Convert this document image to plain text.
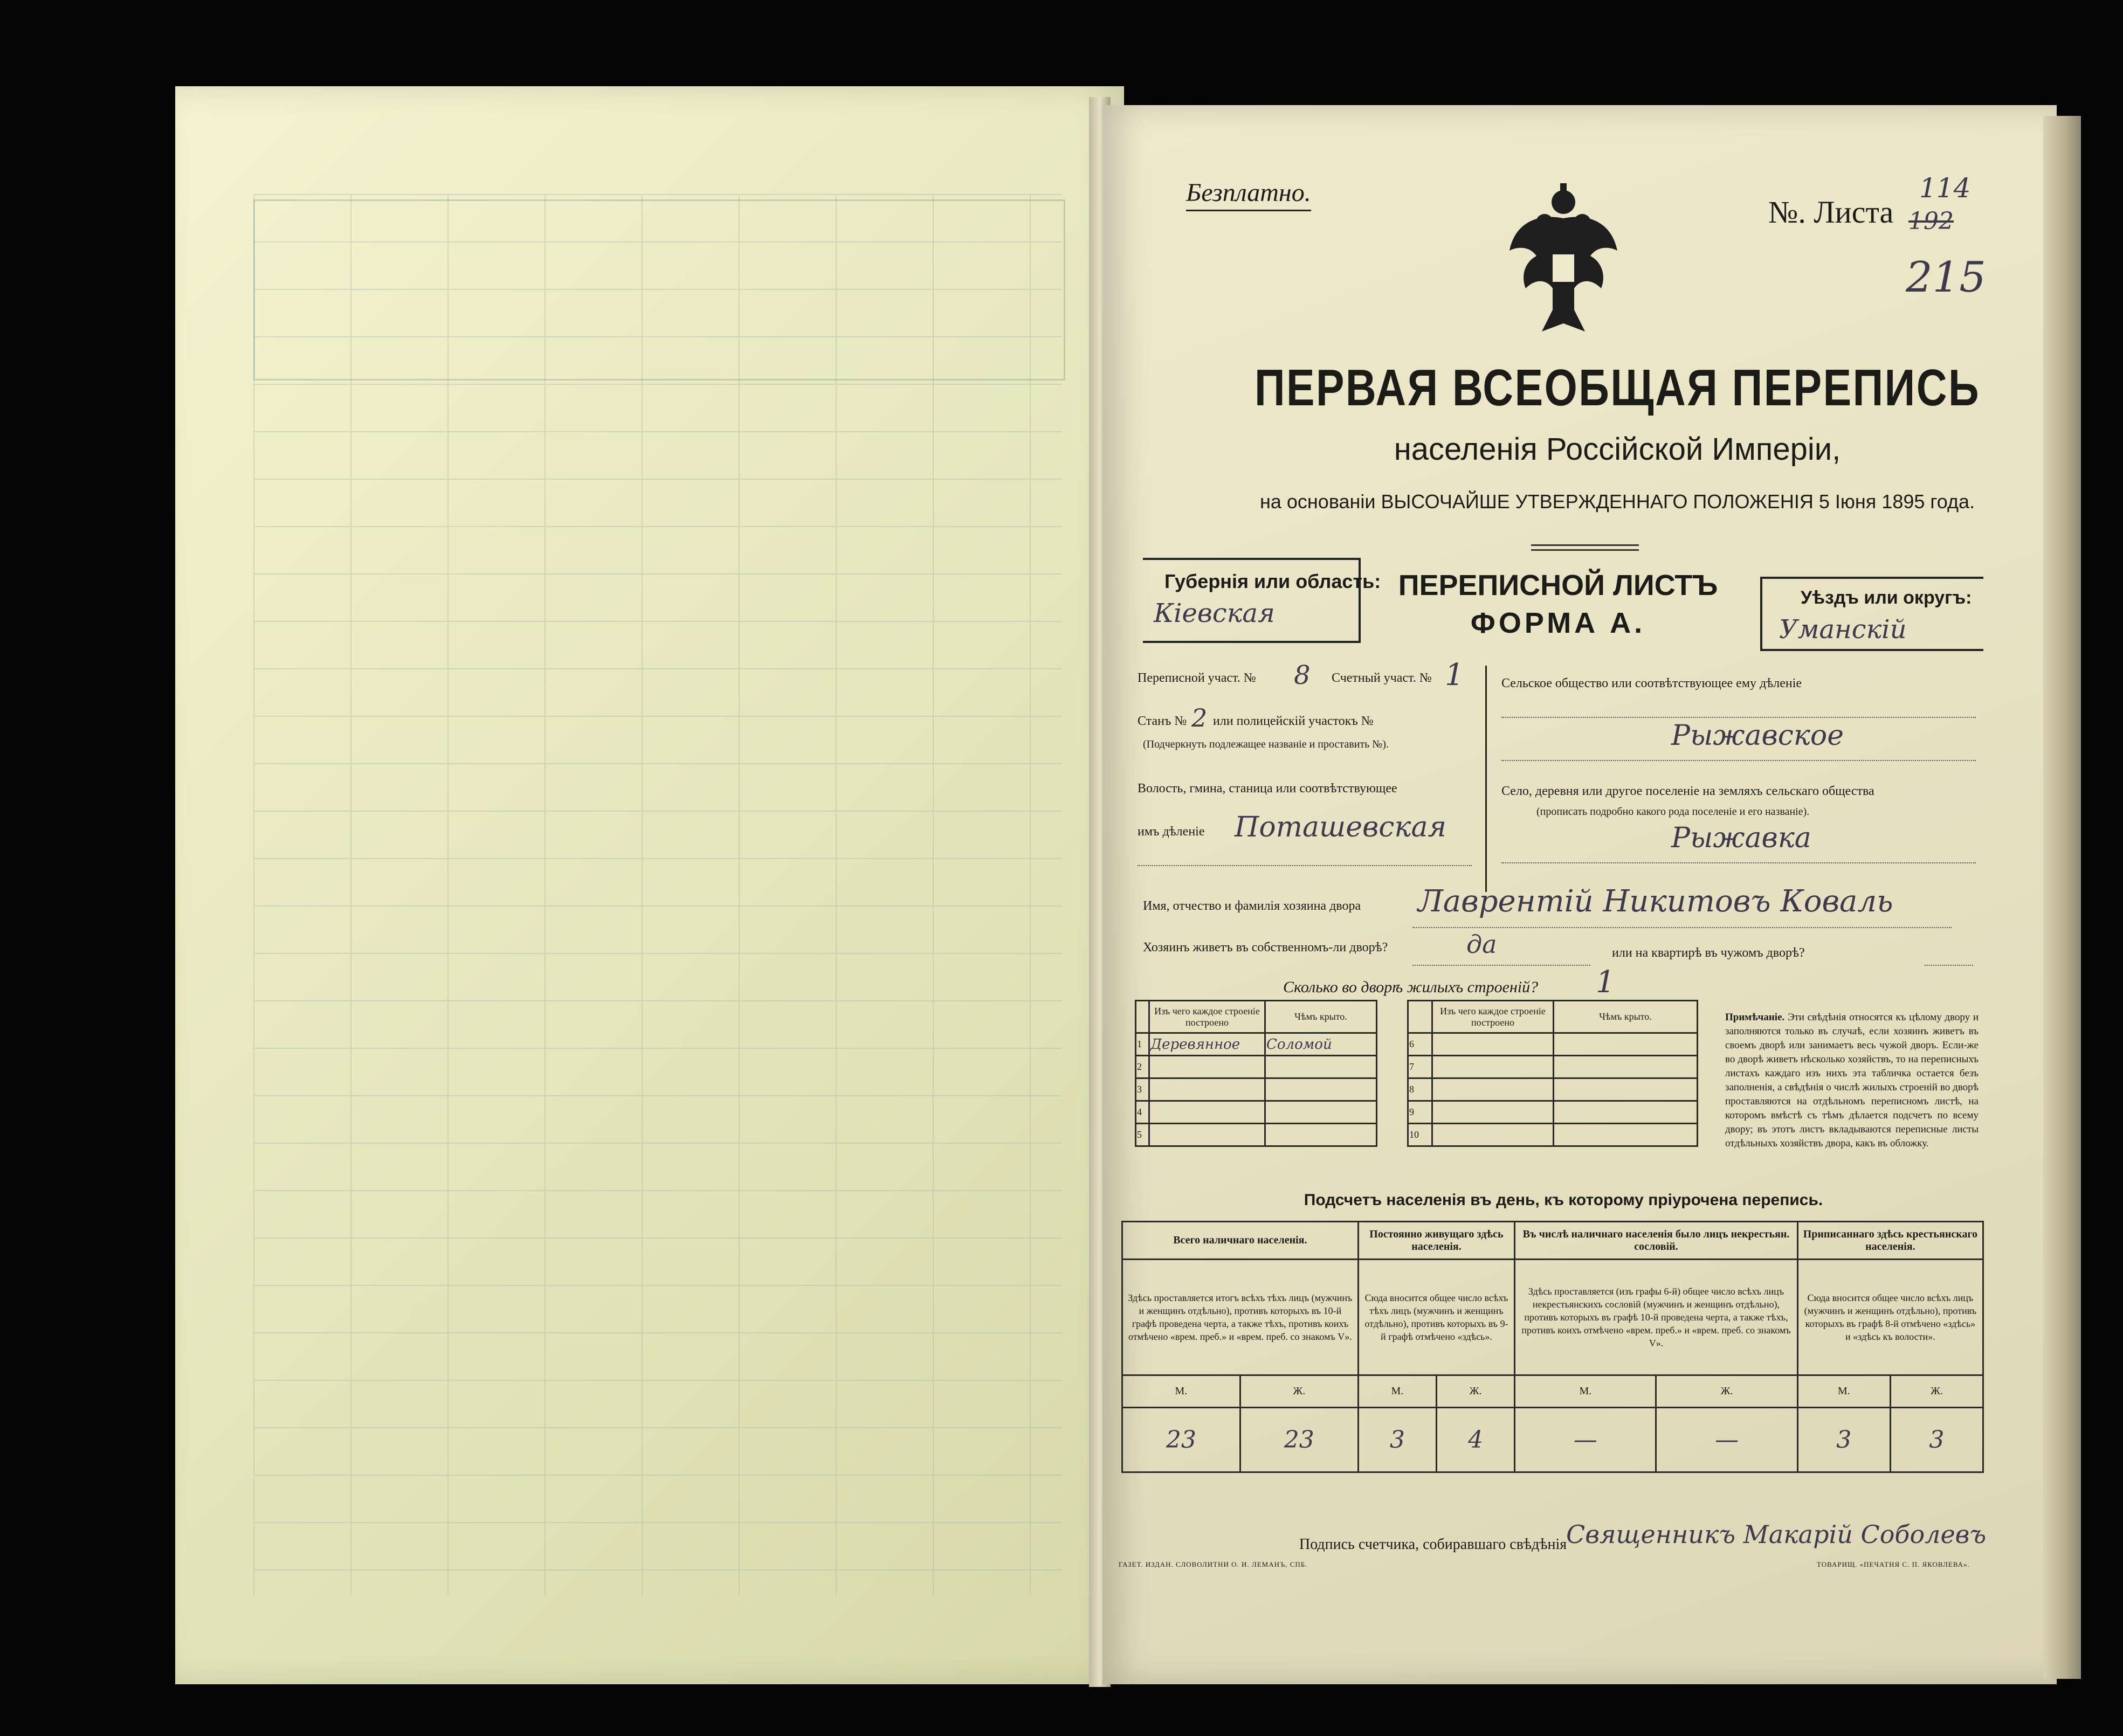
Безплатно.
№. Листа 192
114
215
ПЕРВАЯ ВСЕОБЩАЯ ПЕРЕПИСЬ
населенія Россійской Имперіи,
на основаніи ВЫСОЧАЙШЕ УТВЕРЖДЕННАГО ПОЛОЖЕНІЯ 5 Іюня 1895 года.
Губернія или область:
Кіевская
ПЕРЕПИСНОЙ ЛИСТЪ
ФОРМА А.
Уѣздъ или округъ:
Уманскій
Переписной участ. № 8 Счетный участ. № 1
Станъ № 2 или полицейскій участокъ №
(Подчеркнуть подлежащее названіе и проставить №).
Волость, гмина, станица или соотвѣтствующее
имъ дѣленіе Поташевская
Сельское общество или соотвѣтствующее ему дѣленіе
Рыжавское
Село, деревня или другое поселеніе на земляхъ сельскаго общества
(прописать подробно какого рода поселеніе и его названіе).
Рыжавка
Имя, отчество и фамилія хозяина двора Лаврентій Никитовъ Коваль
Хозяинъ живетъ въ собственномъ-ли дворѣ?	да	или на квартирѣ въ чужомъ дворѣ?
Сколько во дворѣ жилыхъ строеній? 1
	Изъ чего каждое строеніе построено	Чѣмъ крыто.
1	Деревянное	Соломой
2		
3		
4		
5		
	Изъ чего каждое строеніе построено	Чѣмъ крыто.
6		
7		
8		
9		
10		
Примѣчаніе. Эти свѣдѣнія относятся къ цѣлому двору и заполняются только въ случаѣ, если хозяинъ живетъ въ своемъ дворѣ или занимаетъ весь чужой дворъ. Если-же во дворѣ живетъ нѣсколько хозяйствъ, то на переписныхъ листахъ каждаго изъ нихъ эта табличка остается безъ заполненія, а свѣдѣнія о числѣ жилыхъ строеній во дворѣ проставляются на отдѣльномъ переписномъ листѣ, на которомъ вмѣстѣ съ тѣмъ дѣлается подсчетъ по всему двору; въ этотъ листъ вкладываются переписные листы отдѣльныхъ хозяйствъ двора, какъ въ обложку.
Подсчетъ населенія въ день, къ которому пріурочена перепись.
Всего наличнаго населенія.		Постоянно живущаго здѣсь населенія.		Въ числѣ наличнаго населенія было лицъ некрестьян. сословій.		Приписаннаго здѣсь крестьянскаго населенія.	
Здѣсь проставляется итогъ всѣхъ тѣхъ лицъ (мужчинъ и женщинъ отдѣльно), противъ которыхъ въ 10-й графѣ проведена черта, а также тѣхъ, противъ коихъ отмѣчено «врем. преб.» и «врем. преб. со знакомъ V».		Сюда вносится общее число всѣхъ тѣхъ лицъ (мужчинъ и женщинъ отдѣльно), противъ которыхъ въ 9-й графѣ отмѣчено «здѣсь».		Здѣсь проставляется (изъ графы 6-й) общее число всѣхъ лицъ некрестьянскихъ сословій (мужчинъ и женщинъ отдѣльно), противъ которыхъ въ графѣ 10-й проведена черта, а также тѣхъ, противъ коихъ отмѣчено «врем. преб.» и «врем. преб. со знакомъ V».		Сюда вносится общее число всѣхъ лицъ (мужчинъ и женщинъ отдѣльно), противъ которыхъ въ графѣ 8-й отмѣчено «здѣсь» и «здѣсь къ волости».	
М.	Ж.	М.	Ж.	М.	Ж.	М.	Ж.
23	23	3	4	—	—	3	3
Подпись счетчика, собиравшаго свѣдѣнія
Священникъ Макарій Соболевъ
ГАЗЕТ. ИЗДАН. СЛОВОЛИТНИ О. И. ЛЕМАНЪ, СПБ.	ТОВАРИЩ. «ПЕЧАТНЯ С. П. ЯКОВЛЕВА».
